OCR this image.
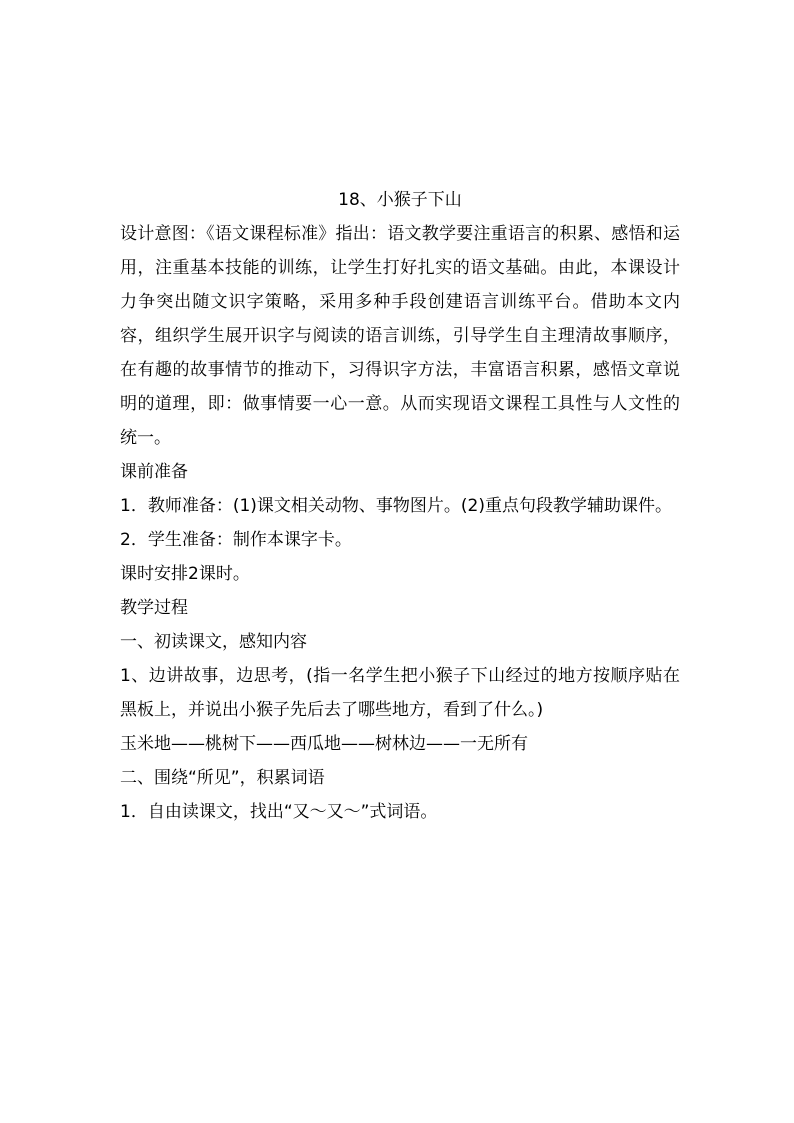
18、小猴子下山

设计意图：《语文课程标准》指出：语文教学要注重语言的积累、感悟和运用，注重基本技能的训练，让学生打好扎实的语文基础。由此，本课设计力争突出随文识字策略，采用多种手段创建语言训练平台。借助本文内容，组织学生展开识字与阅读的语言训练，引导学生自主理清故事顺序，在有趣的故事情节的推动下，习得识字方法，丰富语言积累，感悟文章说明的道理，即：做事情要一心一意。从而实现语文课程工具性与人文性的统一。

课前准备

1．教师准备：(1)课文相关动物、事物图片。(2)重点句段教学辅助课件。

2．学生准备：制作本课字卡。

课时安排2课时。

教学过程

一、初读课文，感知内容

1、边讲故事，边思考，(指一名学生把小猴子下山经过的地方按顺序贴在黑板上，并说出小猴子先后去了哪些地方，看到了什么。)

玉米地——桃树下——西瓜地——树林边——一无所有

二、围绕“所见”，积累词语

1．自由读课文，找出“又～又～”式词语。
